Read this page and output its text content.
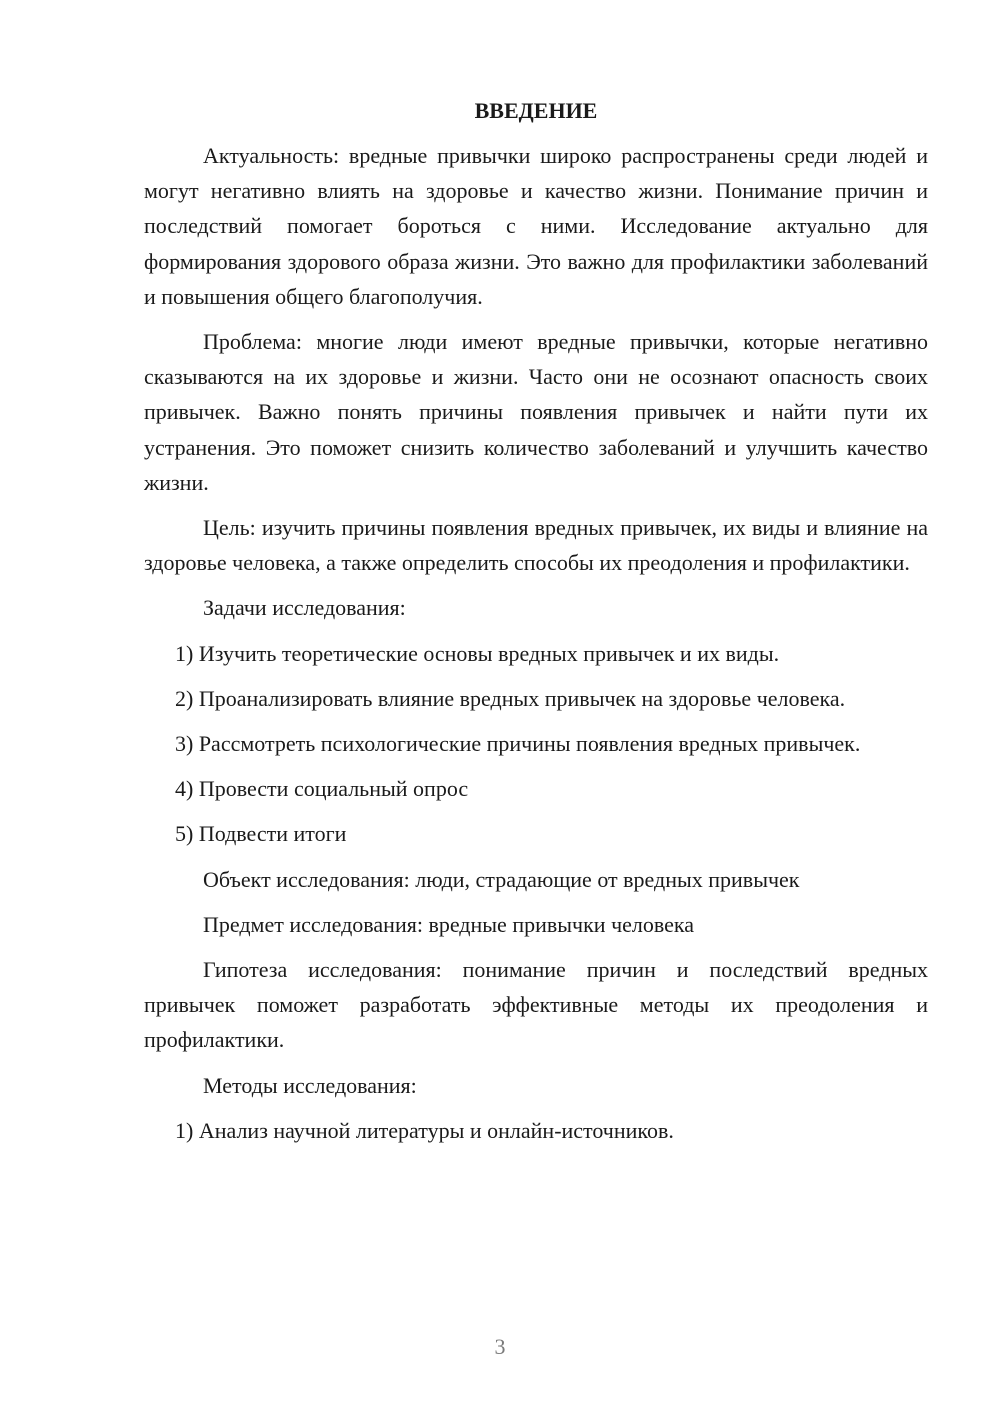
ВВЕДЕНИЕ

Актуальность: вредные привычки широко распространены среди людей и могут негативно влиять на здоровье и качество жизни. Понимание причин и последствий помогает бороться с ними. Исследование актуально для формирования здорового образа жизни. Это важно для профилактики заболеваний и повышения общего благополучия.

Проблема: многие люди имеют вредные привычки, которые негативно сказываются на их здоровье и жизни. Часто они не осознают опасность своих привычек. Важно понять причины появления привычек и найти пути их устранения. Это поможет снизить количество заболеваний и улучшить качество жизни.

Цель: изучить причины появления вредных привычек, их виды и влияние на здоровье человека, а также определить способы их преодоления и профилактики.

Задачи исследования:

1) Изучить теоретические основы вредных привычек и их виды.

2) Проанализировать влияние вредных привычек на здоровье человека.

3) Рассмотреть психологические причины появления вредных привычек.

4) Провести социальный опрос

5) Подвести итоги

Объект исследования: люди, страдающие от вредных привычек

Предмет исследования: вредные привычки человека

Гипотеза исследования: понимание причин и последствий вредных привычек поможет разработать эффективные методы их преодоления и профилактики.

Методы исследования:

1) Анализ научной литературы и онлайн-источников.

3
